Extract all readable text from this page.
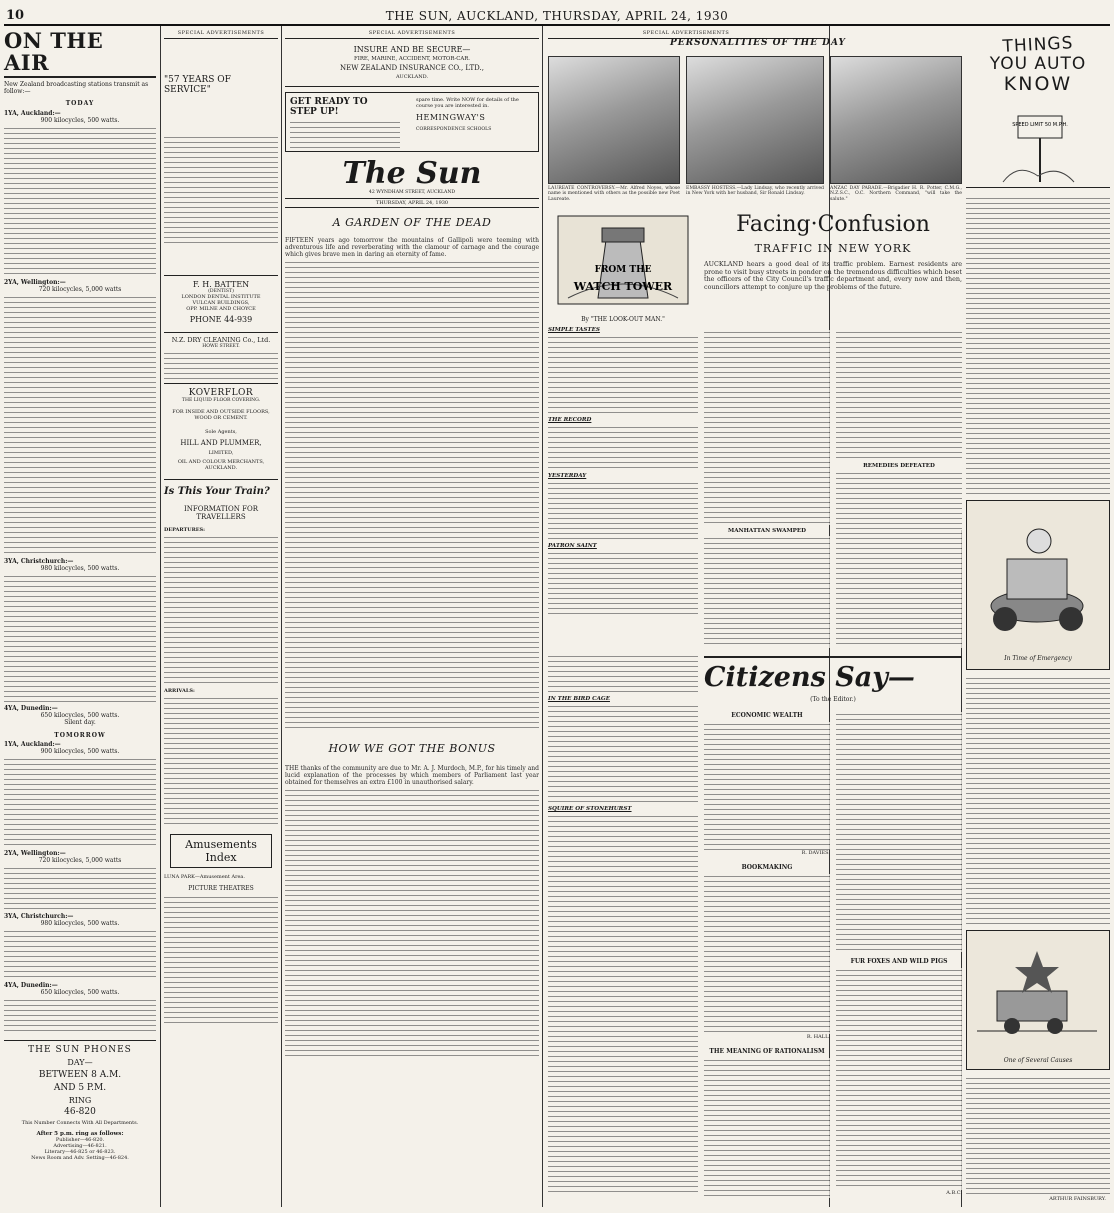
10	THE SUN, AUCKLAND, THURSDAY, APRIL 24, 1930
ON THE AIR
New Zealand broadcasting stations transmit as follow:—
TODAY
1YA, Auckland:—
900 kilocycles, 500 watts.
2YA, Wellington:—
720 kilocycles, 5,000 watts
3YA, Christchurch:—
980 kilocycles, 500 watts.
4YA, Dunedin:—
650 kilocycles, 500 watts.
Silent day.
TOMORROW
1YA, Auckland:—
900 kilocycles, 500 watts.
2YA, Wellington:—
720 kilocycles, 5,000 watts
3YA, Christchurch:—
980 kilocycles, 500 watts.
4YA, Dunedin:—
650 kilocycles, 500 watts.
THE SUN PHONES
DAY—
BETWEEN 8 A.M.
AND 5 P.M.
RING
46-820
This Number Connects With All Departments.
After 5 p.m. ring as follows:
Publisher—46-820.
Advertising—46-821.
Literary—46-825 or 46-823.
News Room and Adv. Setting—46-824.
SPECIAL ADVERTISEMENTS
"57 YEARS OF SERVICE"
F. H. BATTEN
(DENTIST)
LONDON DENTAL INSTITUTE
VULCAN BUILDINGS,
OPP. MILNE AND CHOYCE
PHONE 44-939
N.Z. DRY CLEANING Co., Ltd.
HOWE STREET.
KOVERFLOR
THE LIQUID FLOOR COVERING.
FOR INSIDE AND OUTSIDE FLOORS, WOOD OR CEMENT.
Sole Agents,
HILL AND PLUMMER,
LIMITED,
OIL AND COLOUR MERCHANTS, AUCKLAND.
Is This Your Train?
INFORMATION FOR
TRAVELLERS
DEPARTURES:
ARRIVALS:
Amusements
Index
LUNA PARK—Amusement Area.
PICTURE THEATRES
SPECIAL ADVERTISEMENTS
INSURE AND BE SECURE—
FIRE, MARINE, ACCIDENT, MOTOR-CAR.
NEW ZEALAND INSURANCE CO., LTD.,
AUCKLAND.
GET READY TO STEP UP!
spare time. Write NOW for details of the course you are interested in.
HEMINGWAY'S
CORRESPONDENCE SCHOOLS
The Sun
42 WYNDHAM STREET, AUCKLAND
THURSDAY, APRIL 24, 1930
A GARDEN OF THE DEAD
FIFTEEN years ago tomorrow the mountains of Gallipoli were teeming with adventurous life and reverberating with the clamour of carnage and the courage which gives brave men in daring an eternity of fame.
HOW WE GOT THE BONUS
THE thanks of the community are due to Mr. A. J. Murdoch, M.P., for his timely and lucid explanation of the processes by which members of Parliament last year obtained for themselves an extra £100 in unauthorised salary.
SPECIAL ADVERTISEMENTS
PERSONALITIES OF THE DAY
LAUREATE CONTROVERSY.—Mr. Alfred Noyes, whose name is mentioned with others as the possible new Poet Laureate.
EMBASSY HOSTESS.—Lady Lindsay, who recently arrived in New York with her husband, Sir Ronald Lindsay.
ANZAC DAY PARADE.—Brigadier H. R. Potter, C.M.G., N.Z.S.C., O.C. Northern Command, "will take the salute."
THINGS
YOU AUTO
KNOW
SPEED LIMIT 50 M.P.H.
In Time of Emergency
One of Several Causes
ARTHUR FAINSBURY.
FROM THE
WATCH TOWER
By "THE LOOK-OUT MAN."
SIMPLE TASTES
THE RECORD
YESTERDAY
PATRON SAINT
IN THE BIRD CAGE
SQUIRE OF STONEHURST
Facing·Confusion
TRAFFIC IN NEW YORK
AUCKLAND hears a good deal of its traffic problem. Earnest residents are prone to visit busy streets in ponder on the tremendous difficulties which beset the officers of the City Council's traffic department and, every now and then, councillors attempt to conjure up the problems of the future.
MANHATTAN SWAMPED
REMEDIES DEFEATED
Citizens Say—
(To the Editor.)
ECONOMIC WEALTH
R. DAVIES.
BOOKMAKING
R. HALL.
THE MEANING OF RATIONALISM
FUR FOXES AND WILD PIGS
A.B.C.
